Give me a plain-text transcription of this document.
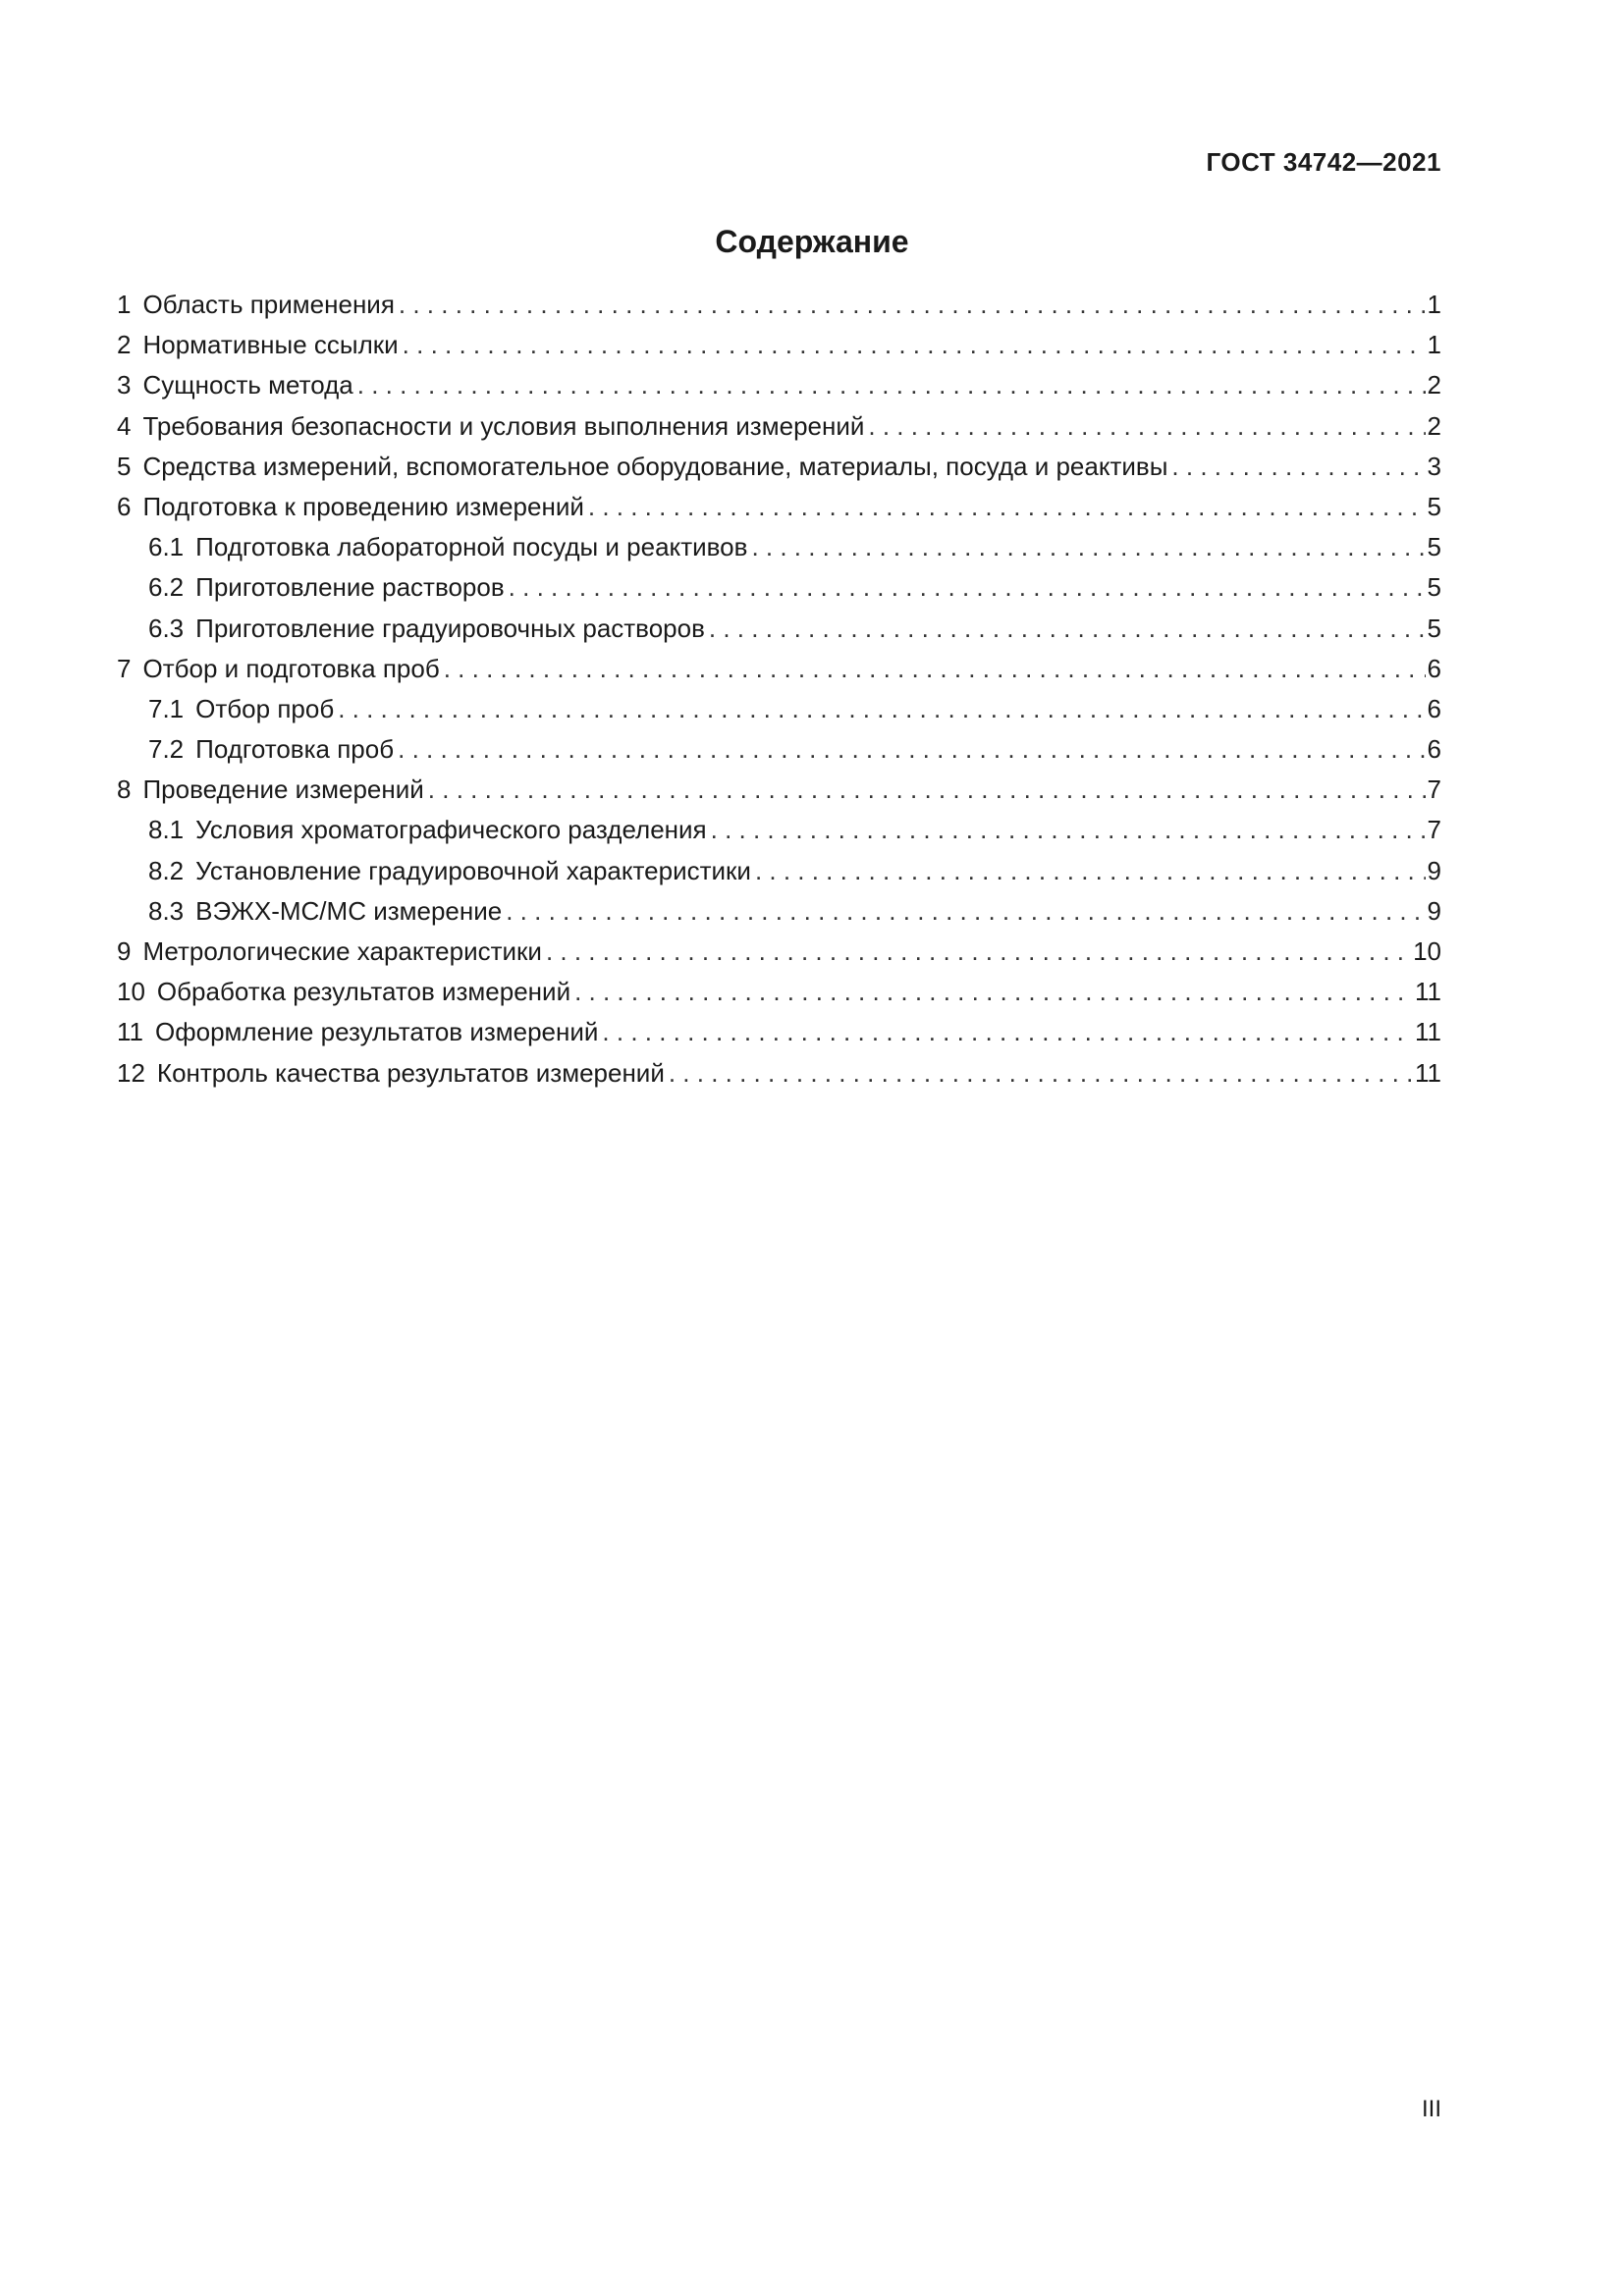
ГОСТ 34742—2021
Содержание
1 Область применения . . .	1
2 Нормативные ссылки . . .	1
3 Сущность метода . . .	2
4 Требования безопасности и условия выполнения измерений . . .	2
5 Средства измерений, вспомогательное оборудование, материалы, посуда и реактивы . . .	3
6 Подготовка к проведению измерений . . .	5
6.1 Подготовка лабораторной посуды и реактивов . . .	5
6.2 Приготовление растворов . . .	5
6.3 Приготовление градуировочных растворов . . .	5
7 Отбор и подготовка проб . . .	6
7.1 Отбор проб . . .	6
7.2 Подготовка проб . . .	6
8 Проведение измерений . . .	7
8.1 Условия хроматографического разделения . . .	7
8.2 Установление градуировочной характеристики . . .	9
8.3 ВЭЖХ-МС/МС измерение . . .	9
9 Метрологические характеристики . . .	10
10 Обработка результатов измерений . . .	11
11 Оформление результатов измерений . . .	11
12 Контроль качества результатов измерений . . .	11
III
